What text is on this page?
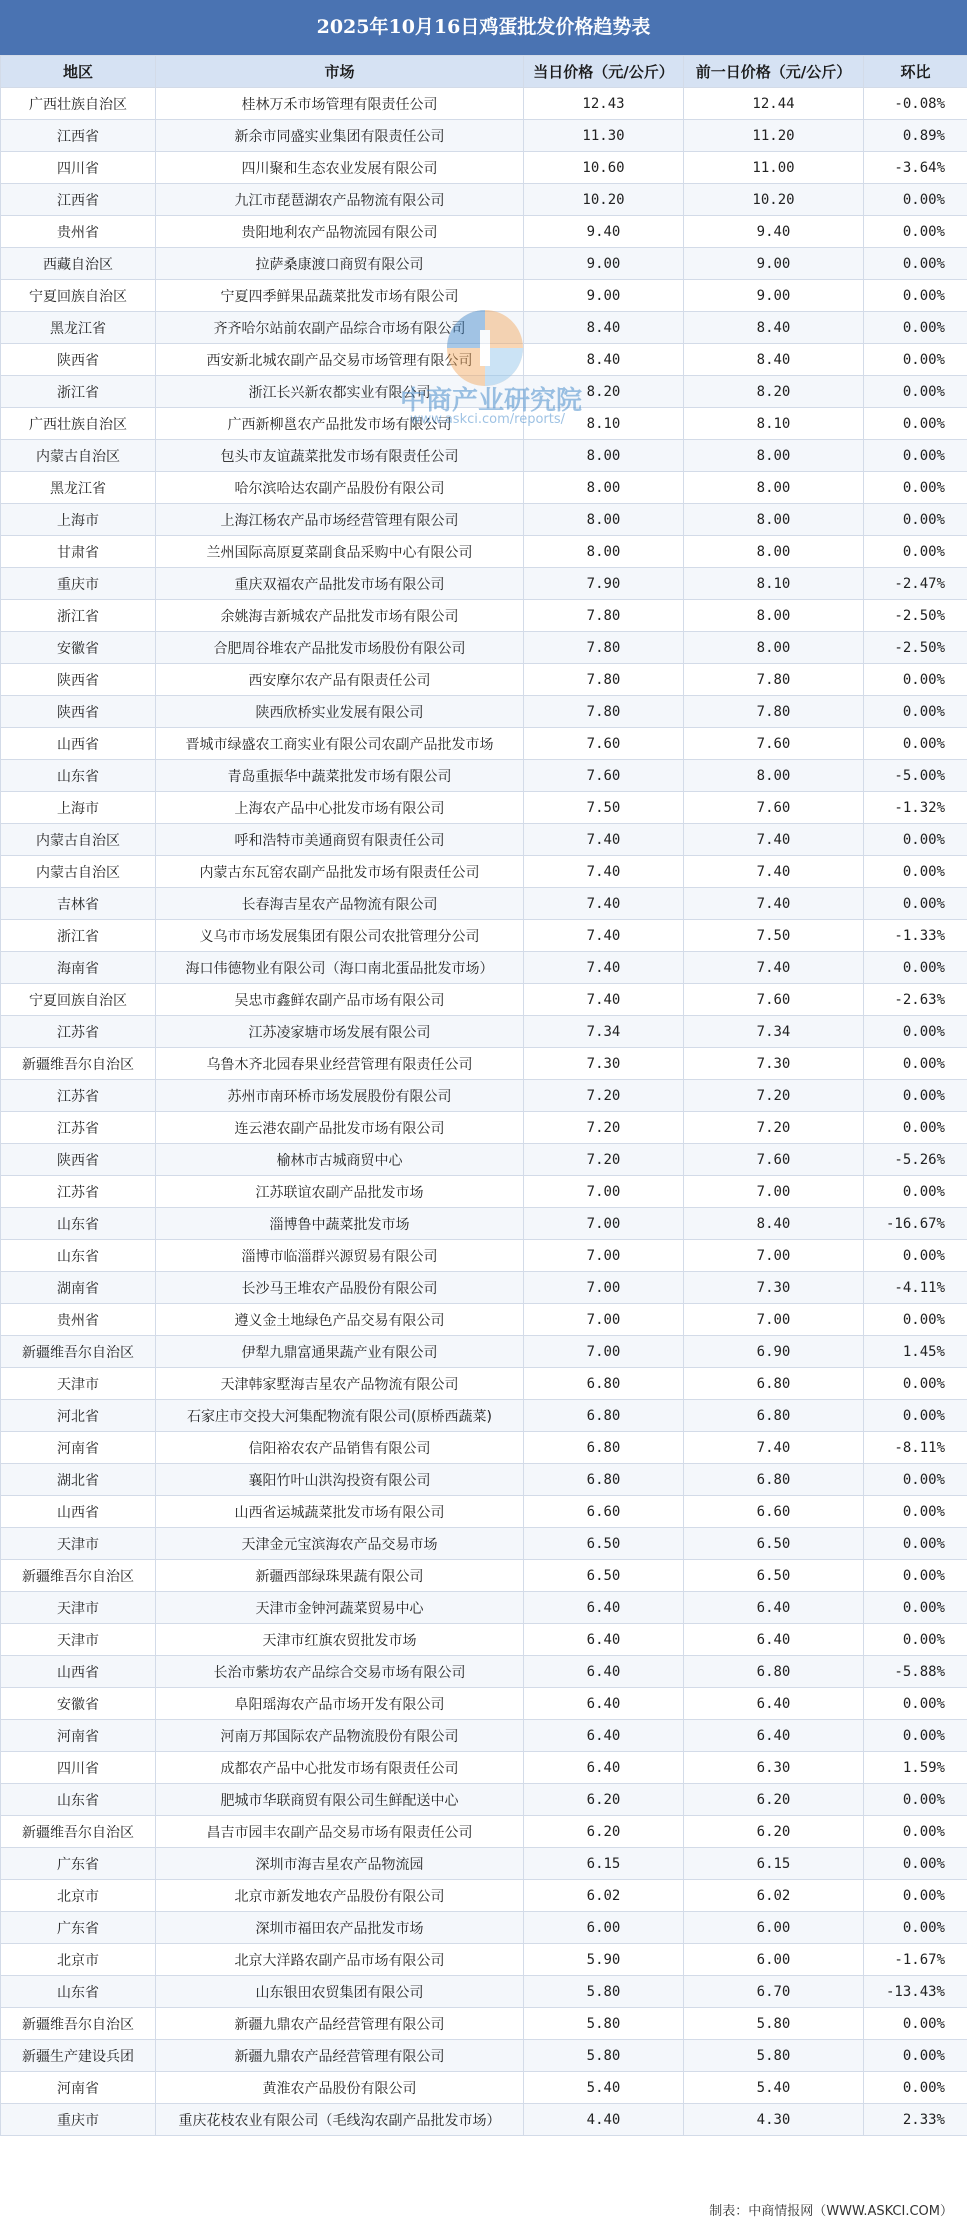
2025年10月16日鸡蛋批发价格趋势表
地区	市场	当日价格（元/公斤）	前一日价格（元/公斤）	环比
广西壮族自治区	桂林万禾市场管理有限责任公司	12.43	12.44	-0.08%
江西省	新余市同盛实业集团有限责任公司	11.30	11.20	0.89%
四川省	四川聚和生态农业发展有限公司	10.60	11.00	-3.64%
江西省	九江市琵琶湖农产品物流有限公司	10.20	10.20	0.00%
贵州省	贵阳地利农产品物流园有限公司	9.40	9.40	0.00%
西藏自治区	拉萨桑康渡口商贸有限公司	9.00	9.00	0.00%
宁夏回族自治区	宁夏四季鲜果品蔬菜批发市场有限公司	9.00	9.00	0.00%
黑龙江省	齐齐哈尔站前农副产品综合市场有限公司	8.40	8.40	0.00%
陕西省	西安新北城农副产品交易市场管理有限公司	8.40	8.40	0.00%
浙江省	浙江长兴新农都实业有限公司	8.20	8.20	0.00%
广西壮族自治区	广西新柳邕农产品批发市场有限公司	8.10	8.10	0.00%
内蒙古自治区	包头市友谊蔬菜批发市场有限责任公司	8.00	8.00	0.00%
黑龙江省	哈尔滨哈达农副产品股份有限公司	8.00	8.00	0.00%
上海市	上海江杨农产品市场经营管理有限公司	8.00	8.00	0.00%
甘肃省	兰州国际高原夏菜副食品采购中心有限公司	8.00	8.00	0.00%
重庆市	重庆双福农产品批发市场有限公司	7.90	8.10	-2.47%
浙江省	余姚海吉新城农产品批发市场有限公司	7.80	8.00	-2.50%
安徽省	合肥周谷堆农产品批发市场股份有限公司	7.80	8.00	-2.50%
陕西省	西安摩尔农产品有限责任公司	7.80	7.80	0.00%
陕西省	陕西欣桥实业发展有限公司	7.80	7.80	0.00%
山西省	晋城市绿盛农工商实业有限公司农副产品批发市场	7.60	7.60	0.00%
山东省	青岛重振华中蔬菜批发市场有限公司	7.60	8.00	-5.00%
上海市	上海农产品中心批发市场有限公司	7.50	7.60	-1.32%
内蒙古自治区	呼和浩特市美通商贸有限责任公司	7.40	7.40	0.00%
内蒙古自治区	内蒙古东瓦窑农副产品批发市场有限责任公司	7.40	7.40	0.00%
吉林省	长春海吉星农产品物流有限公司	7.40	7.40	0.00%
浙江省	义乌市市场发展集团有限公司农批管理分公司	7.40	7.50	-1.33%
海南省	海口伟德物业有限公司（海口南北蛋品批发市场）	7.40	7.40	0.00%
宁夏回族自治区	吴忠市鑫鲜农副产品市场有限公司	7.40	7.60	-2.63%
江苏省	江苏凌家塘市场发展有限公司	7.34	7.34	0.00%
新疆维吾尔自治区	乌鲁木齐北园春果业经营管理有限责任公司	7.30	7.30	0.00%
江苏省	苏州市南环桥市场发展股份有限公司	7.20	7.20	0.00%
江苏省	连云港农副产品批发市场有限公司	7.20	7.20	0.00%
陕西省	榆林市古城商贸中心	7.20	7.60	-5.26%
江苏省	江苏联谊农副产品批发市场	7.00	7.00	0.00%
山东省	淄博鲁中蔬菜批发市场	7.00	8.40	-16.67%
山东省	淄博市临淄群兴源贸易有限公司	7.00	7.00	0.00%
湖南省	长沙马王堆农产品股份有限公司	7.00	7.30	-4.11%
贵州省	遵义金土地绿色产品交易有限公司	7.00	7.00	0.00%
新疆维吾尔自治区	伊犁九鼎富通果蔬产业有限公司	7.00	6.90	1.45%
天津市	天津韩家墅海吉星农产品物流有限公司	6.80	6.80	0.00%
河北省	石家庄市交投大河集配物流有限公司(原桥西蔬菜)	6.80	6.80	0.00%
河南省	信阳裕农农产品销售有限公司	6.80	7.40	-8.11%
湖北省	襄阳竹叶山洪沟投资有限公司	6.80	6.80	0.00%
山西省	山西省运城蔬菜批发市场有限公司	6.60	6.60	0.00%
天津市	天津金元宝滨海农产品交易市场	6.50	6.50	0.00%
新疆维吾尔自治区	新疆西部绿珠果蔬有限公司	6.50	6.50	0.00%
天津市	天津市金钟河蔬菜贸易中心	6.40	6.40	0.00%
天津市	天津市红旗农贸批发市场	6.40	6.40	0.00%
山西省	长治市紫坊农产品综合交易市场有限公司	6.40	6.80	-5.88%
安徽省	阜阳瑶海农产品市场开发有限公司	6.40	6.40	0.00%
河南省	河南万邦国际农产品物流股份有限公司	6.40	6.40	0.00%
四川省	成都农产品中心批发市场有限责任公司	6.40	6.30	1.59%
山东省	肥城市华联商贸有限公司生鲜配送中心	6.20	6.20	0.00%
新疆维吾尔自治区	昌吉市园丰农副产品交易市场有限责任公司	6.20	6.20	0.00%
广东省	深圳市海吉星农产品物流园	6.15	6.15	0.00%
北京市	北京市新发地农产品股份有限公司	6.02	6.02	0.00%
广东省	深圳市福田农产品批发市场	6.00	6.00	0.00%
北京市	北京大洋路农副产品市场有限公司	5.90	6.00	-1.67%
山东省	山东银田农贸集团有限公司	5.80	6.70	-13.43%
新疆维吾尔自治区	新疆九鼎农产品经营管理有限公司	5.80	5.80	0.00%
新疆生产建设兵团	新疆九鼎农产品经营管理有限公司	5.80	5.80	0.00%
河南省	黄淮农产品股份有限公司	5.40	5.40	0.00%
重庆市	重庆花枝农业有限公司（毛线沟农副产品批发市场）	4.40	4.30	2.33%
中商产业研究院
www.askci.com/reports/
制表：中商情报网（WWW.ASKCI.COM）
